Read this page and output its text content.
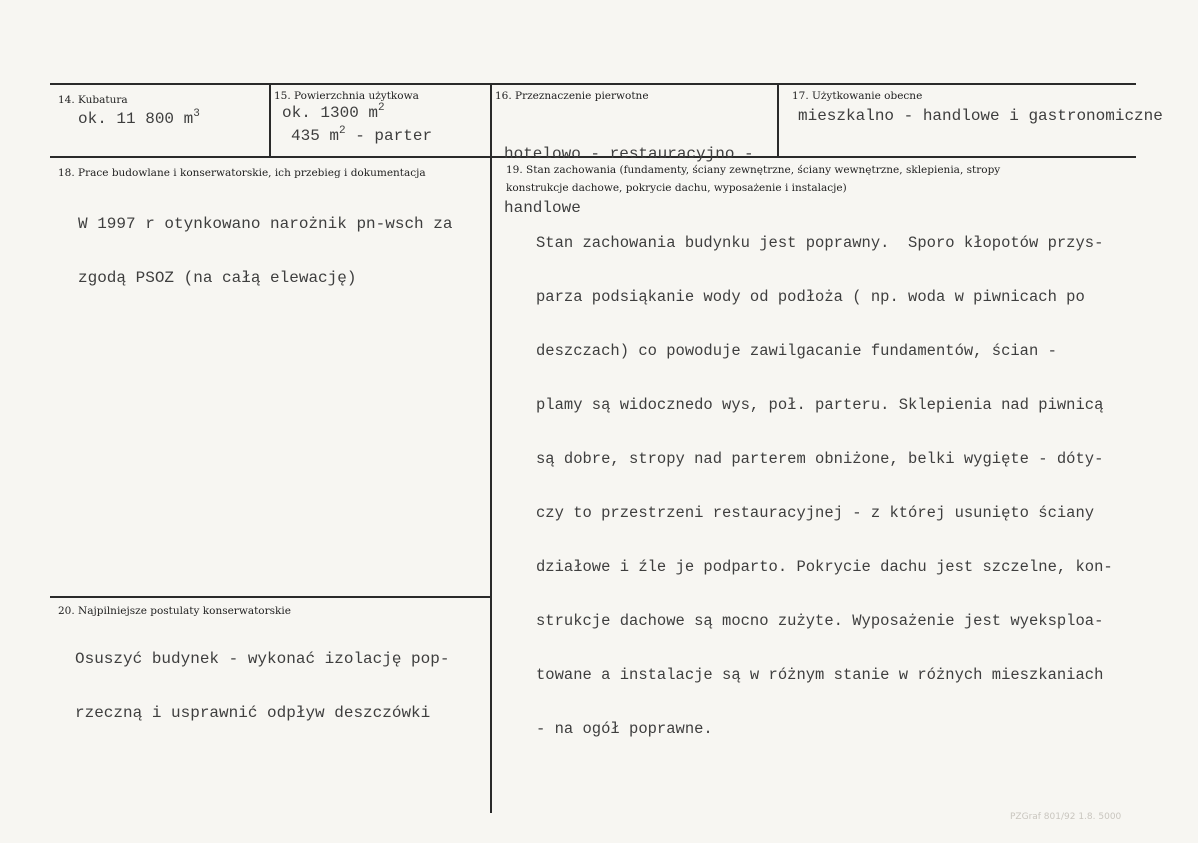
14. Kubatura
ok. 11 800 $m^3$
15. Powierzchnia użytkowa
ok. 1300 $m^2$
435 $m^2$ - parter
16. Przeznaczenie pierwotne

hotelowo - restauracyjno -

handlowe

17. Użytkowanie obecne
mieszkalno - handlowe i gastronomiczne
18. Prace budowlane i konserwatorskie, ich przebieg i dokumentacja

W 1997 r otynkowano narożnik pn-wsch za

zgodą PSOZ (na całą elewację)

19. Stan zachowania (fundamenty, ściany zewnętrzne, ściany wewnętrzne, sklepienia, stropy
konstrukcje dachowe, pokrycie dachu, wyposażenie i instalacje)

Stan zachowania budynku jest poprawny.  Sporo kłopotów przys-

parza podsiąkanie wody od podłoża ( np. woda w piwnicach po

deszczach) co powoduje zawilgacanie fundamentów, ścian -

plamy są widocznedo wys, poł. parteru. Sklepienia nad piwnicą

są dobre, stropy nad parterem obniżone, belki wygięte - dóty-

czy to przestrzeni restauracyjnej - z której usunięto ściany

działowe i źle je podparto. Pokrycie dachu jest szczelne, kon-

strukcje dachowe są mocno zużyte. Wyposażenie jest wyeksploa-

towane a instalacje są w różnym stanie w różnych mieszkaniach

- na ogół poprawne.

20. Najpilniejsze postulaty konserwatorskie

Osuszyć budynek - wykonać izolację pop-

rzeczną i usprawnić odpływ deszczówki

PZGraf 801/92 1.8. 5000
